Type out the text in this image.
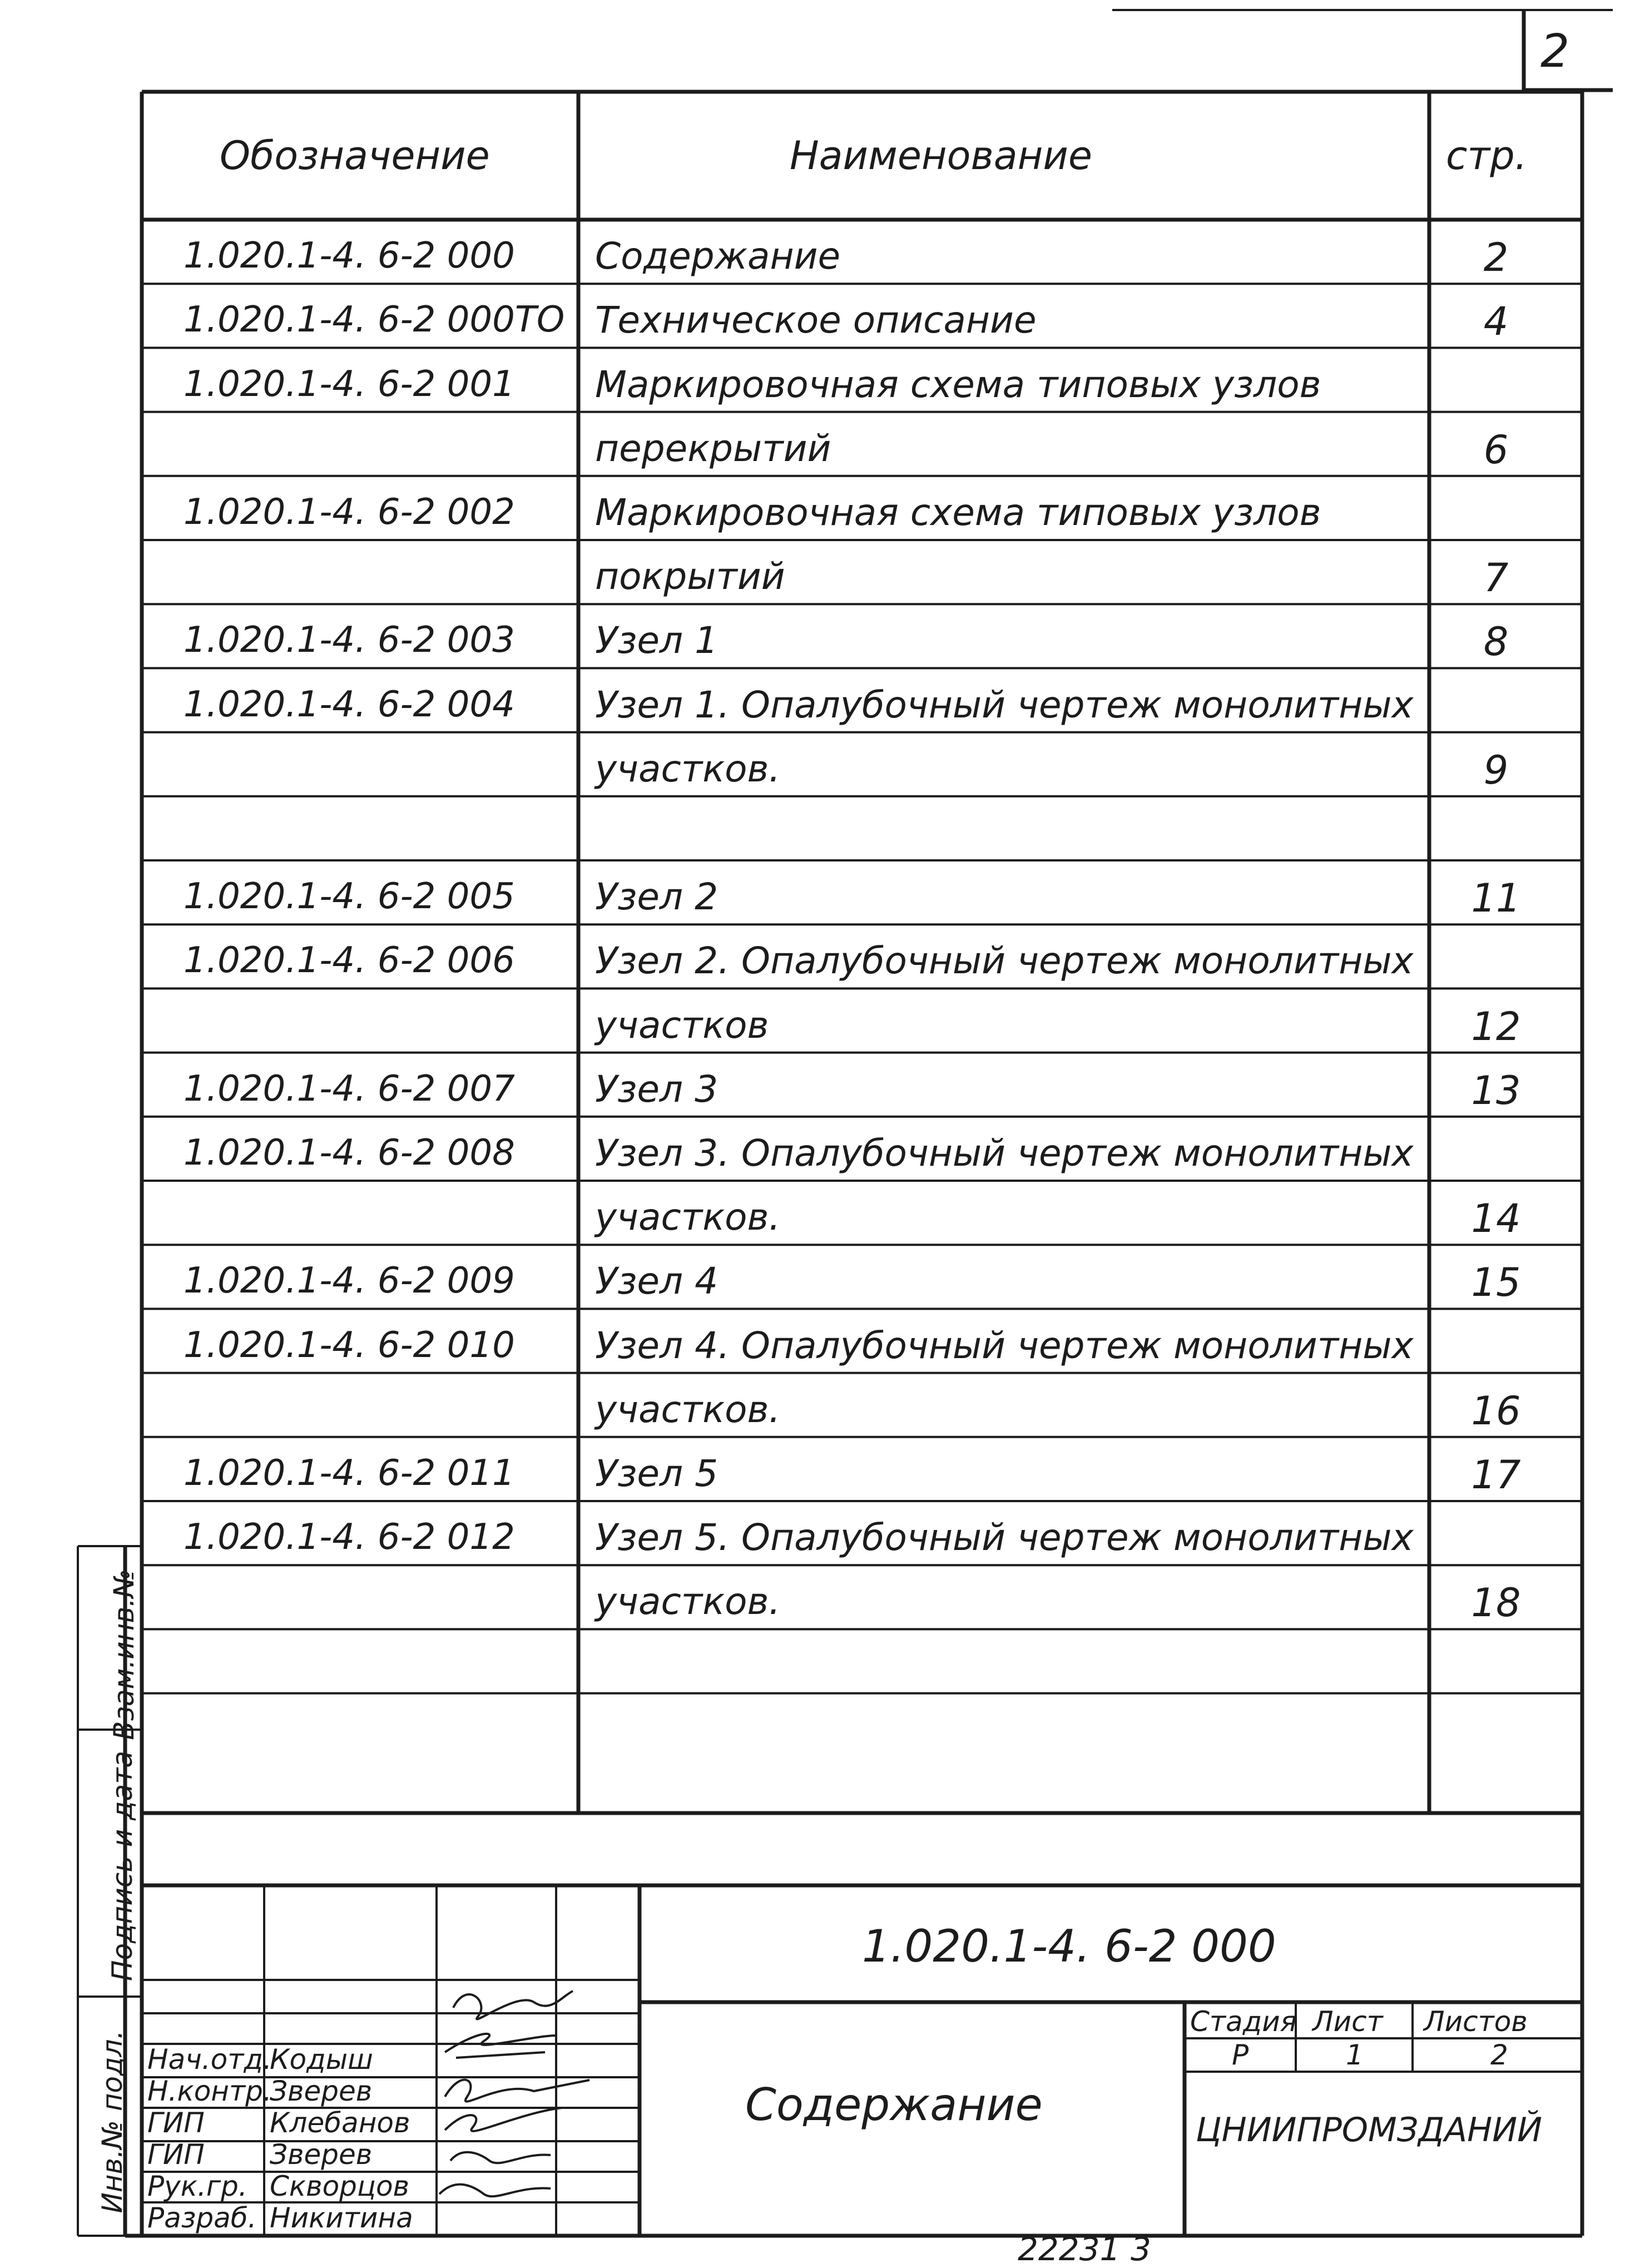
2
Обозначение	Наименование	стр.
1.020.1-4. 6-2 000 Содержание	2
1.020.1-4. 6-2 000ТО Техническое описание	4
1.020.1-4. 6-2 001 Маркировочная схема типовых узлов
перекрытий	6
1.020.1-4. 6-2 002 Маркировочная схема типовых узлов
покрытий	7
1.020.1-4. 6-2 003 Узел 1	8
1.020.1-4. 6-2 004 Узел 1. Опалубочный чертеж монолитных
участков.	9
1.020.1-4. 6-2 005 Узел 2	11
1.020.1-4. 6-2 006 Узел 2. Опалубочный чертеж монолитных
участков	12
1.020.1-4. 6-2 007 Узел 3	13
1.020.1-4. 6-2 008 Узел 3. Опалубочный чертеж монолитных
участков.	14
1.020.1-4. 6-2 009 Узел 4	15
1.020.1-4. 6-2 010 Узел 4. Опалубочный чертеж монолитных
участков.	16
1.020.1-4. 6-2 011 Узел 5	17
1.020.1-4. 6-2 012 Узел 5. Опалубочный чертеж монолитных
участков.	18
Взам.инв.№
Подпись и дата
Инв.№ подл.
1.020.1-4. 6-2 000
Содержание	ЦНИИПРОМЗДАНИЙ
Стадия Лист Листов
Р	1	2
Нач.отд.
Кодыш
Н.контр.
Зверев
ГИП Клебанов
ГИП Зверев
Рук.гр. Скворцов
Разраб. Никитина
22231 3
